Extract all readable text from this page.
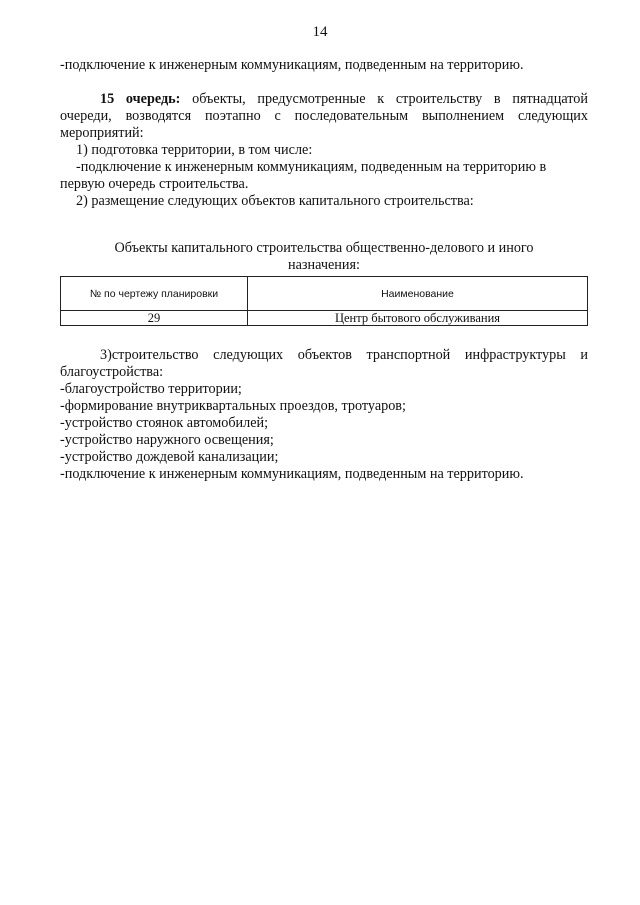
14
-подключение к инженерным коммуникациям, подведенным на территорию.
15 очередь: объекты, предусмотренные к строительству в пятнадцатой
очереди, возводятся поэтапно с последовательным выполнением следующих
мероприятий:
1) подготовка территории, в том числе:
-подключение к инженерным коммуникациям, подведенным на территорию в
первую очередь строительства.
2) размещение следующих объектов капитального строительства:
Объекты капитального строительства общественно-делового и иного
назначения:
№ по чертежу планировки	Наименование
29	Центр бытового обслуживания
3)строительство следующих объектов транспортной инфраструктуры и
благоустройства:
-благоустройство территории;
-формирование внутриквартальных проездов, тротуаров;
-устройство стоянок автомобилей;
-устройство наружного освещения;
-устройство дождевой канализации;
-подключение к инженерным коммуникациям, подведенным на территорию.
